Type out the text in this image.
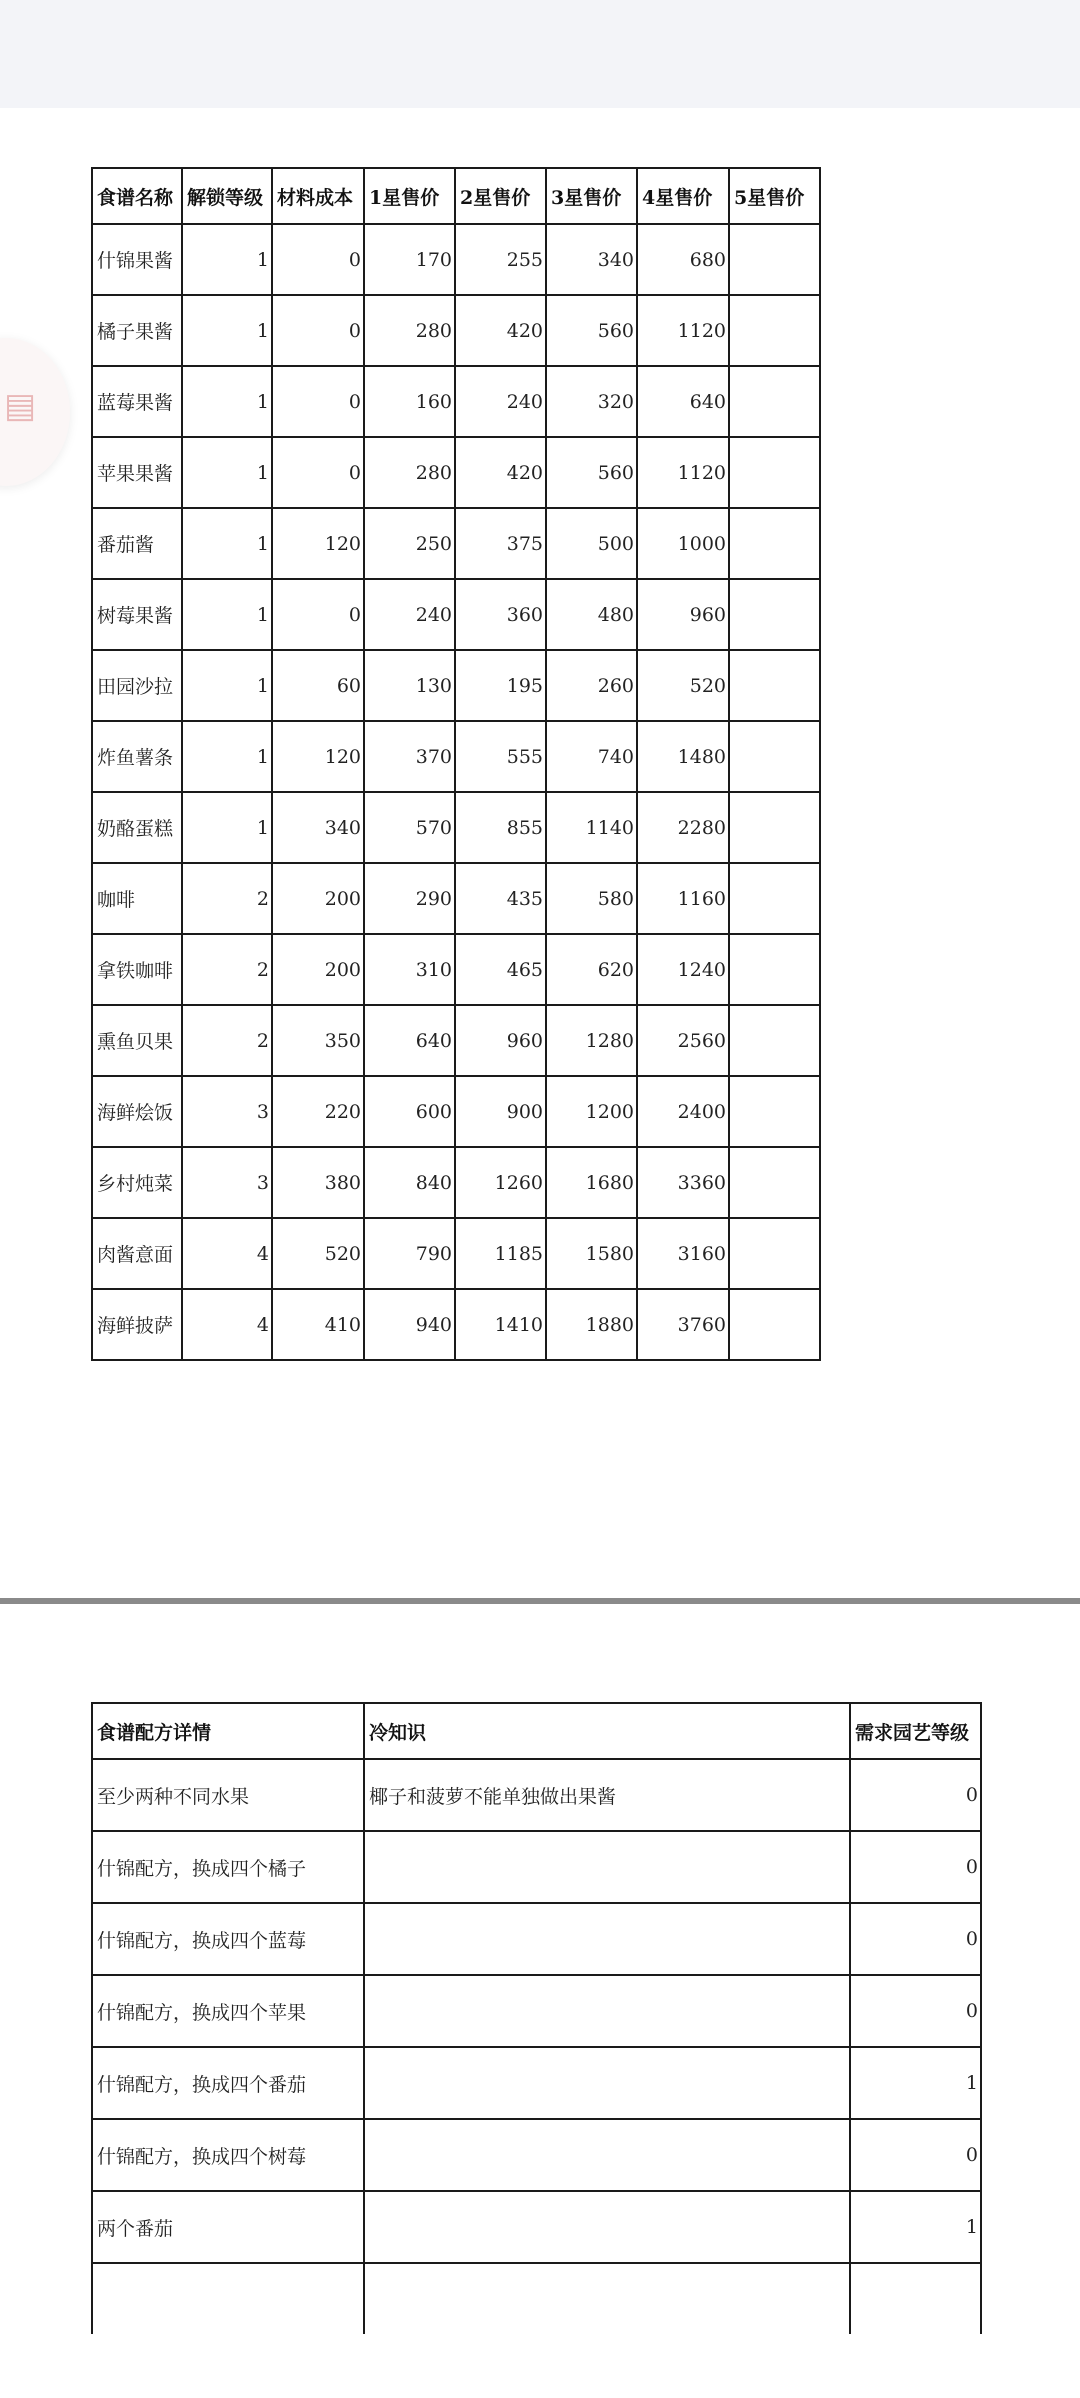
▤
食谱名称	解锁等级	材料成本	1星售价	2星售价	3星售价	4星售价	5星售价
什锦果酱	1	0	170	255	340	680	
橘子果酱	1	0	280	420	560	1120	
蓝莓果酱	1	0	160	240	320	640	
苹果果酱	1	0	280	420	560	1120	
番茄酱	1	120	250	375	500	1000	
树莓果酱	1	0	240	360	480	960	
田园沙拉	1	60	130	195	260	520	
炸鱼薯条	1	120	370	555	740	1480	
奶酪蛋糕	1	340	570	855	1140	2280	
咖啡	2	200	290	435	580	1160	
拿铁咖啡	2	200	310	465	620	1240	
熏鱼贝果	2	350	640	960	1280	2560	
海鲜烩饭	3	220	600	900	1200	2400	
乡村炖菜	3	380	840	1260	1680	3360	
肉酱意面	4	520	790	1185	1580	3160	
海鲜披萨	4	410	940	1410	1880	3760	
食谱配方详情	冷知识	需求园艺等级
至少两种不同水果	椰子和菠萝不能单独做出果酱	0
什锦配方，换成四个橘子		0
什锦配方，换成四个蓝莓		0
什锦配方，换成四个苹果		0
什锦配方，换成四个番茄		1
什锦配方，换成四个树莓		0
两个番茄		1
